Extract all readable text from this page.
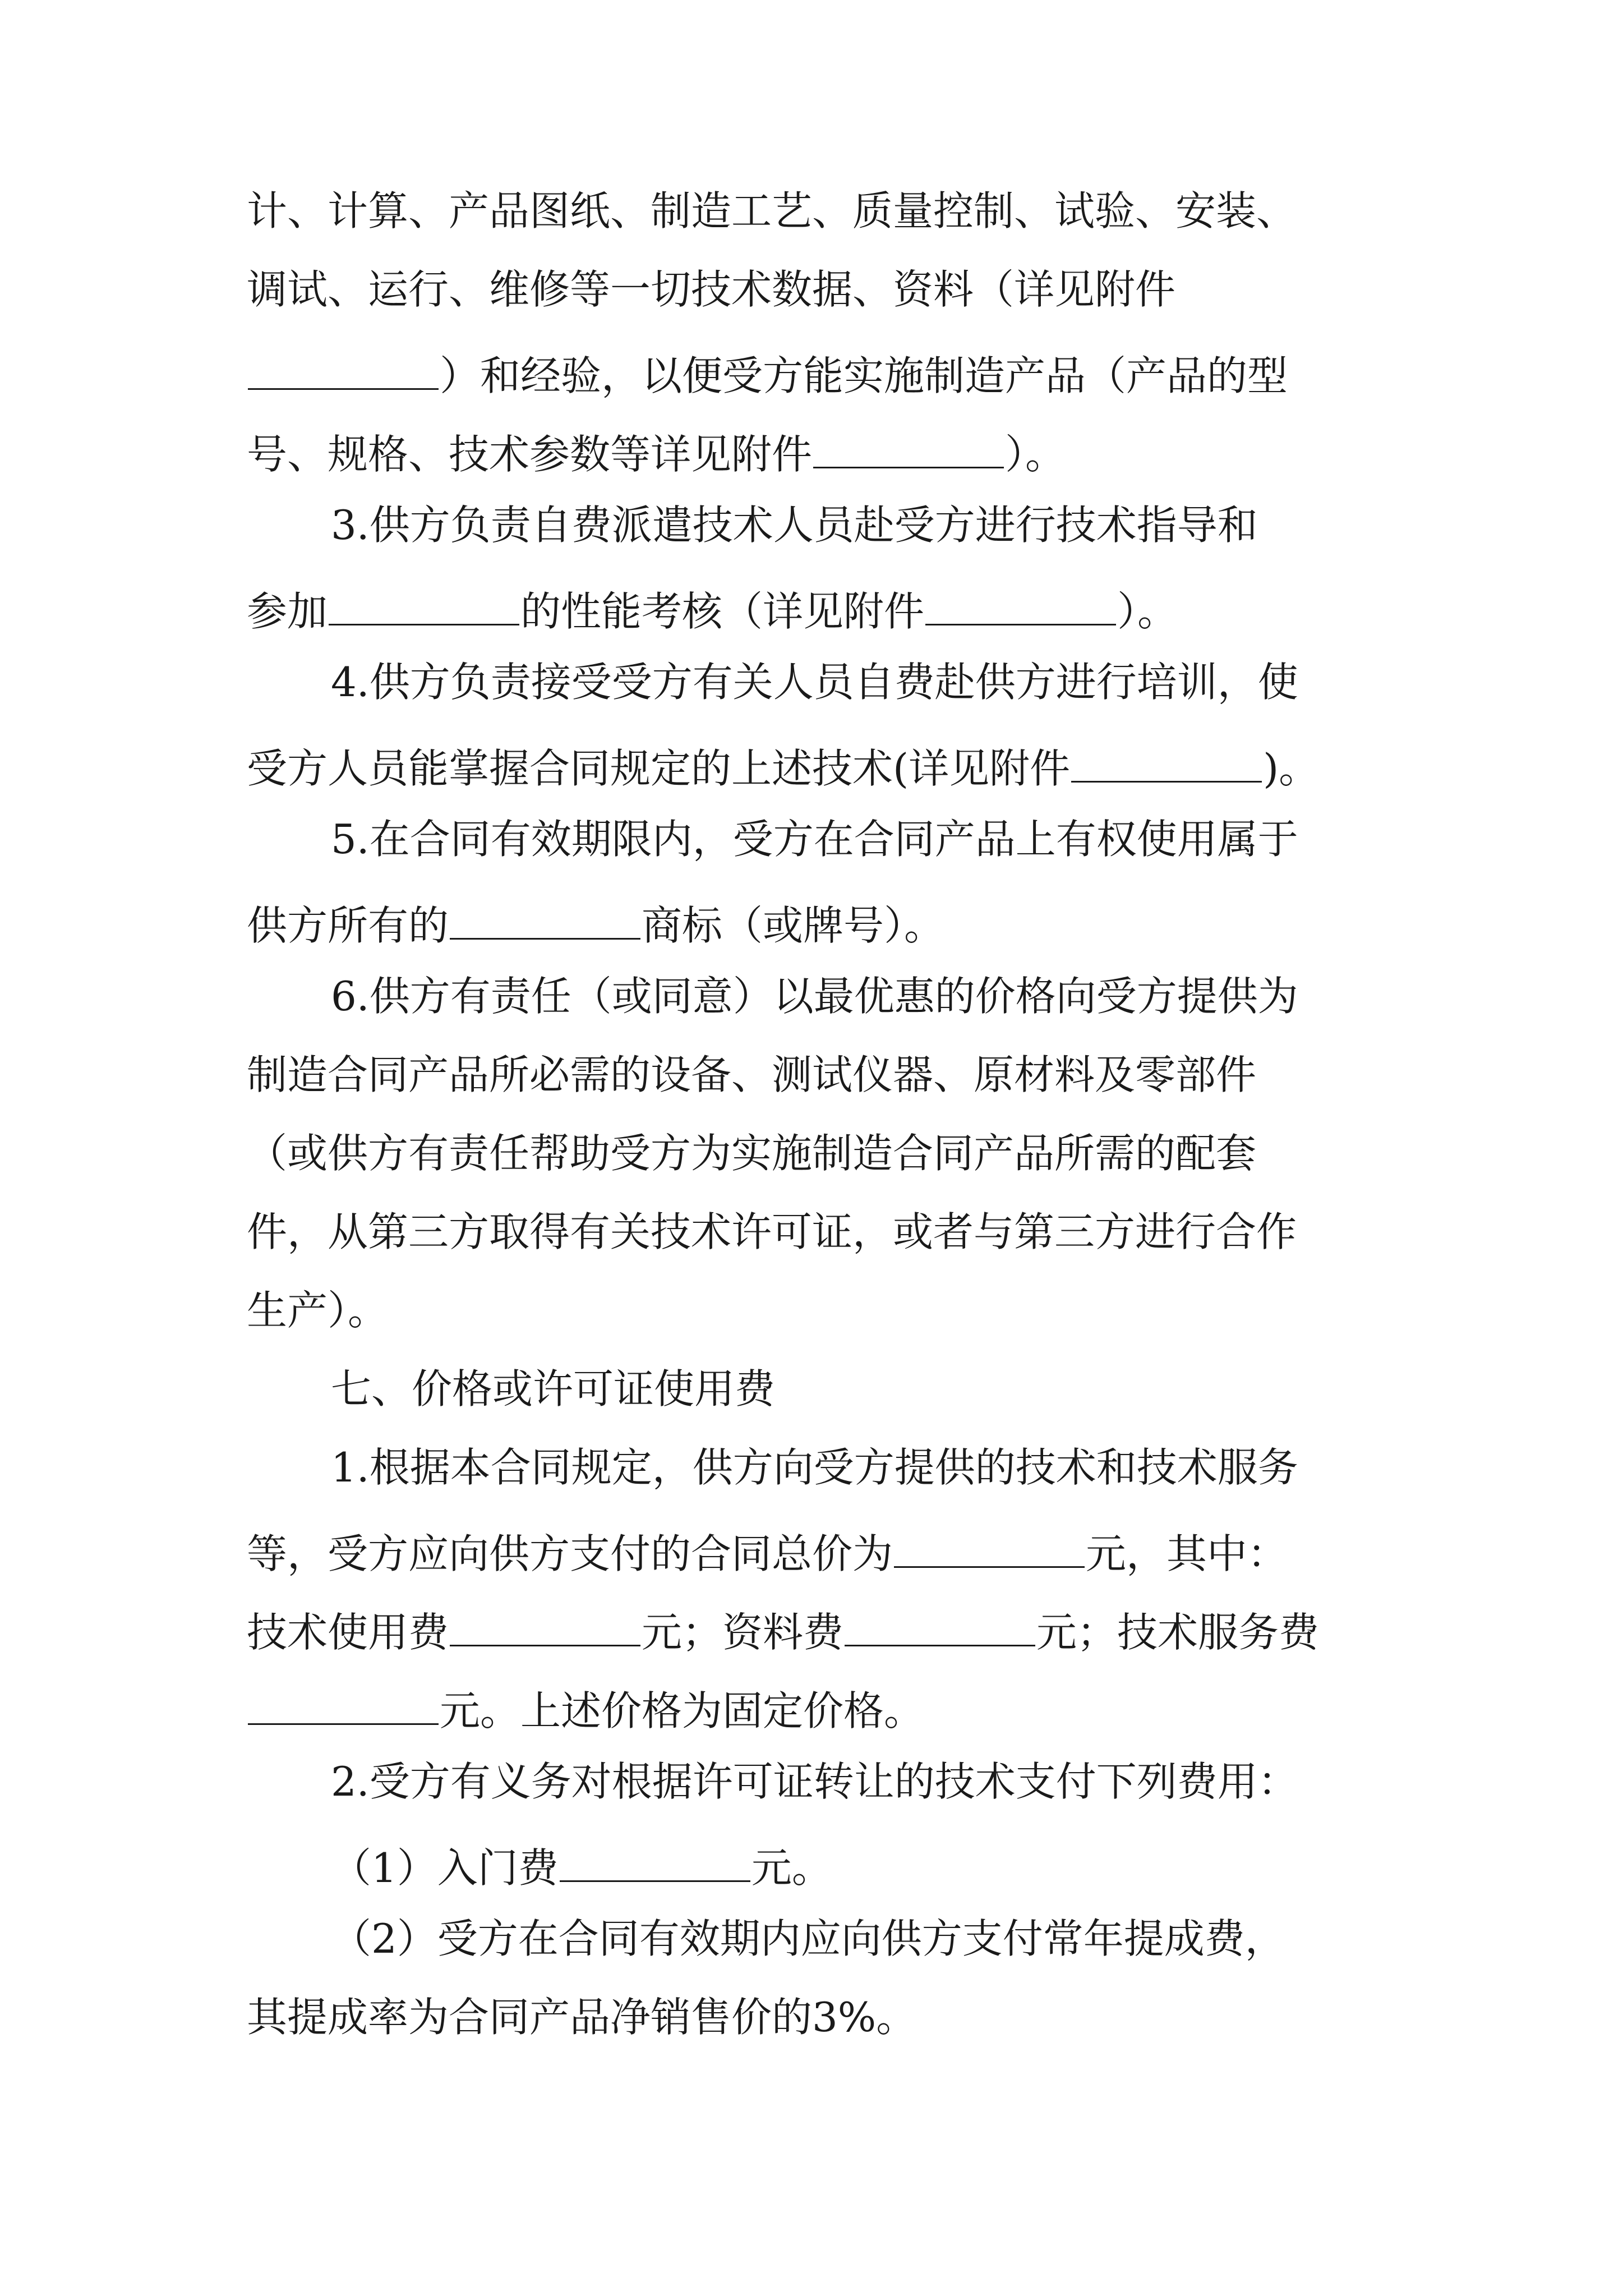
计、计算、产品图纸、制造工艺、质量控制、试验、安装、
调试、运行、维修等一切技术数据、资料（详见附件
）和经验，以便受方能实施制造产品（产品的型
号、规格、技术参数等详见附件	）。
3.供方负责自费派遣技术人员赴受方进行技术指导和
参加	的性能考核（详见附件	）。
4.供方负责接受受方有关人员自费赴供方进行培训，使
受方人员能掌握合同规定的上述技术(详见附件	)。
5.在合同有效期限内，受方在合同产品上有权使用属于
供方所有的	商标（或牌号）。
6.供方有责任（或同意）以最优惠的价格向受方提供为
制造合同产品所必需的设备、测试仪器、原材料及零部件
（或供方有责任帮助受方为实施制造合同产品所需的配套
件，从第三方取得有关技术许可证，或者与第三方进行合作
生产）。
七、价格或许可证使用费
1.根据本合同规定，供方向受方提供的技术和技术服务
等，受方应向供方支付的合同总价为	元，其中：
技术使用费	元；资料费	元；技术服务费
元。上述价格为固定价格。
2.受方有义务对根据许可证转让的技术支付下列费用：
（1）入门费	元。
（2）受方在合同有效期内应向供方支付常年提成费，
其提成率为合同产品净销售价的3%。
